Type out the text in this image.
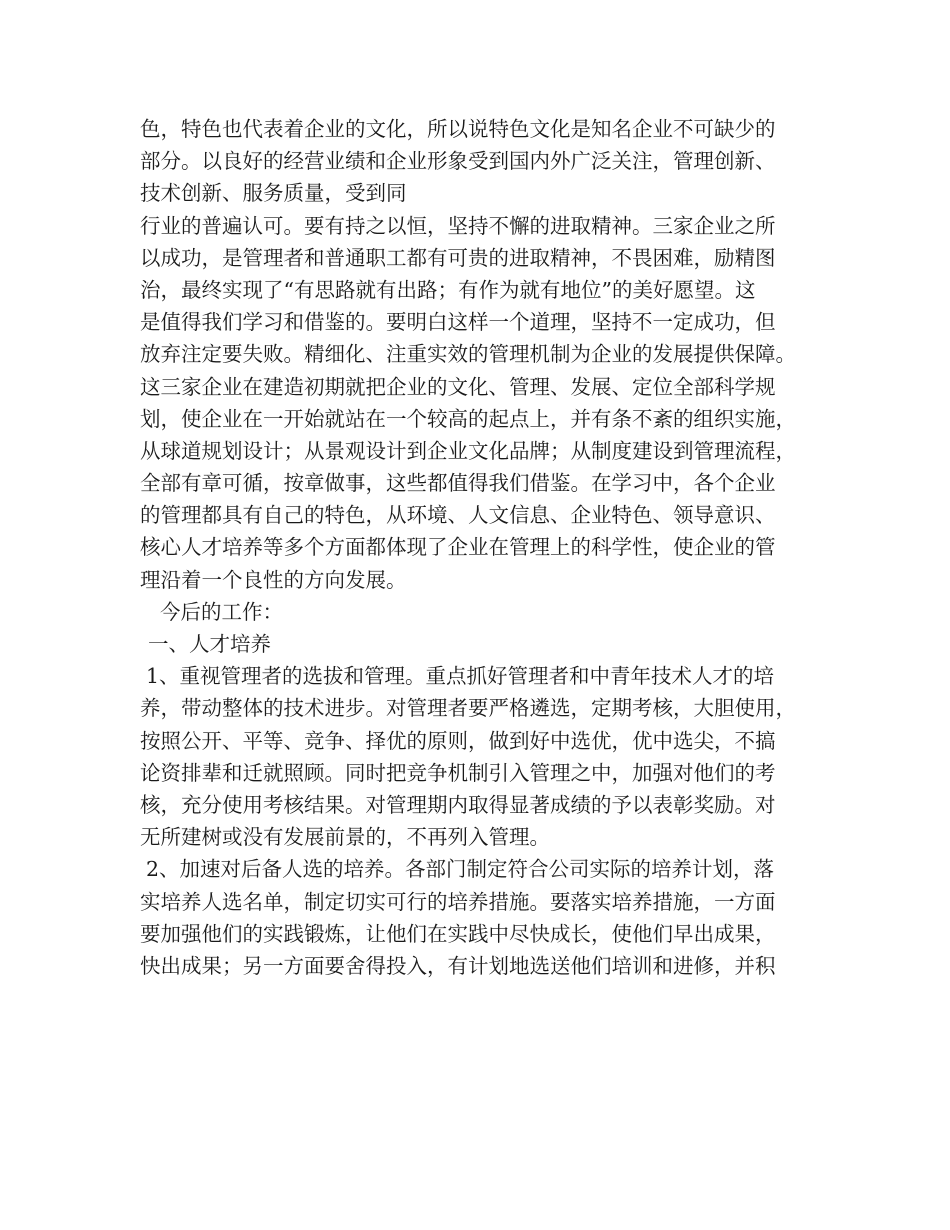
色，特色也代表着企业的文化，所以说特色文化是知名企业不可缺少的
部分。以良好的经营业绩和企业形象受到国内外广泛关注，管理创新、
技术创新、服务质量，受到同
行业的普遍认可。要有持之以恒，坚持不懈的进取精神。三家企业之所
以成功，是管理者和普通职工都有可贵的进取精神，不畏困难，励精图
治，最终实现了“有思路就有出路；有作为就有地位”的美好愿望。这
是值得我们学习和借鉴的。要明白这样一个道理，坚持不一定成功，但
放弃注定要失败。精细化、注重实效的管理机制为企业的发展提供保障。
这三家企业在建造初期就把企业的文化、管理、发展、定位全部科学规
划，使企业在一开始就站在一个较高的起点上，并有条不紊的组织实施，
从球道规划设计；从景观设计到企业文化品牌；从制度建设到管理流程，
全部有章可循，按章做事，这些都值得我们借鉴。在学习中，各个企业
的管理都具有自己的特色，从环境、人文信息、企业特色、领导意识、
核心人才培养等多个方面都体现了企业在管理上的科学性，使企业的管
理沿着一个良性的方向发展。
今后的工作：
一、人才培养
1、重视管理者的选拔和管理。重点抓好管理者和中青年技术人才的培
养，带动整体的技术进步。对管理者要严格遴选，定期考核，大胆使用，
按照公开、平等、竞争、择优的原则，做到好中选优，优中选尖，不搞
论资排辈和迁就照顾。同时把竞争机制引入管理之中，加强对他们的考
核，充分使用考核结果。对管理期内取得显著成绩的予以表彰奖励。对
无所建树或没有发展前景的，不再列入管理。
2、加速对后备人选的培养。各部门制定符合公司实际的培养计划，落
实培养人选名单，制定切实可行的培养措施。要落实培养措施，一方面
要加强他们的实践锻炼，让他们在实践中尽快成长，使他们早出成果，
快出成果；另一方面要舍得投入，有计划地选送他们培训和进修，并积
